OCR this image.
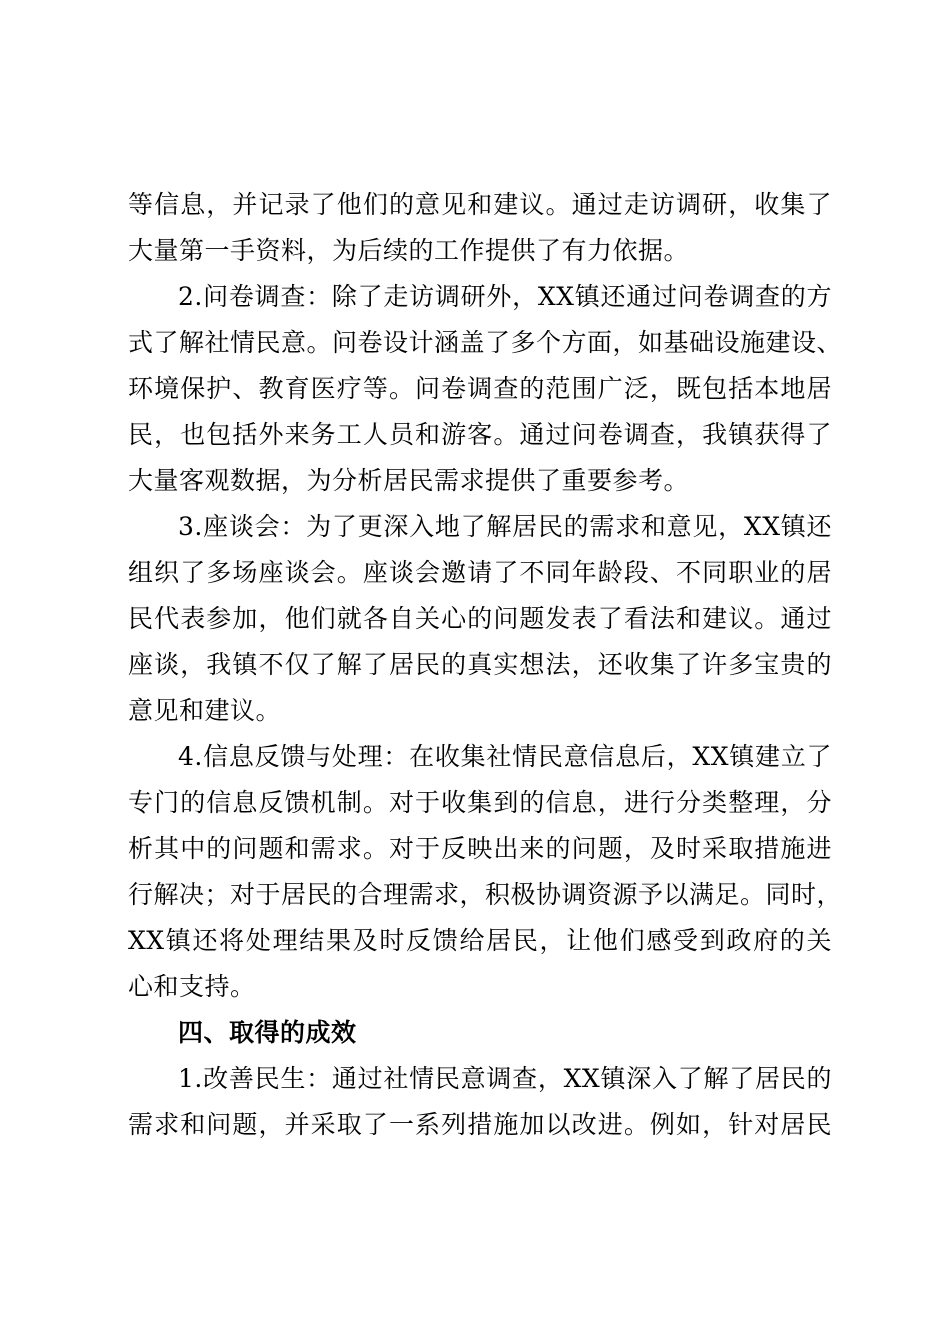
等信息，并记录了他们的意见和建议。通过走访调研，收集了
大量第一手资料，为后续的工作提供了有力依据。
2.问卷调查：除了走访调研外，XX镇还通过问卷调查的方
式了解社情民意。问卷设计涵盖了多个方面，如基础设施建设、
环境保护、教育医疗等。问卷调查的范围广泛，既包括本地居
民，也包括外来务工人员和游客。通过问卷调查，我镇获得了
大量客观数据，为分析居民需求提供了重要参考。
3.座谈会：为了更深入地了解居民的需求和意见，XX镇还
组织了多场座谈会。座谈会邀请了不同年龄段、不同职业的居
民代表参加，他们就各自关心的问题发表了看法和建议。通过
座谈，我镇不仅了解了居民的真实想法，还收集了许多宝贵的
意见和建议。
4.信息反馈与处理：在收集社情民意信息后，XX镇建立了
专门的信息反馈机制。对于收集到的信息，进行分类整理，分
析其中的问题和需求。对于反映出来的问题，及时采取措施进
行解决；对于居民的合理需求，积极协调资源予以满足。同时，
XX镇还将处理结果及时反馈给居民，让他们感受到政府的关
心和支持。
四、取得的成效
1.改善民生：通过社情民意调查，XX镇深入了解了居民的
需求和问题，并采取了一系列措施加以改进。例如，针对居民
